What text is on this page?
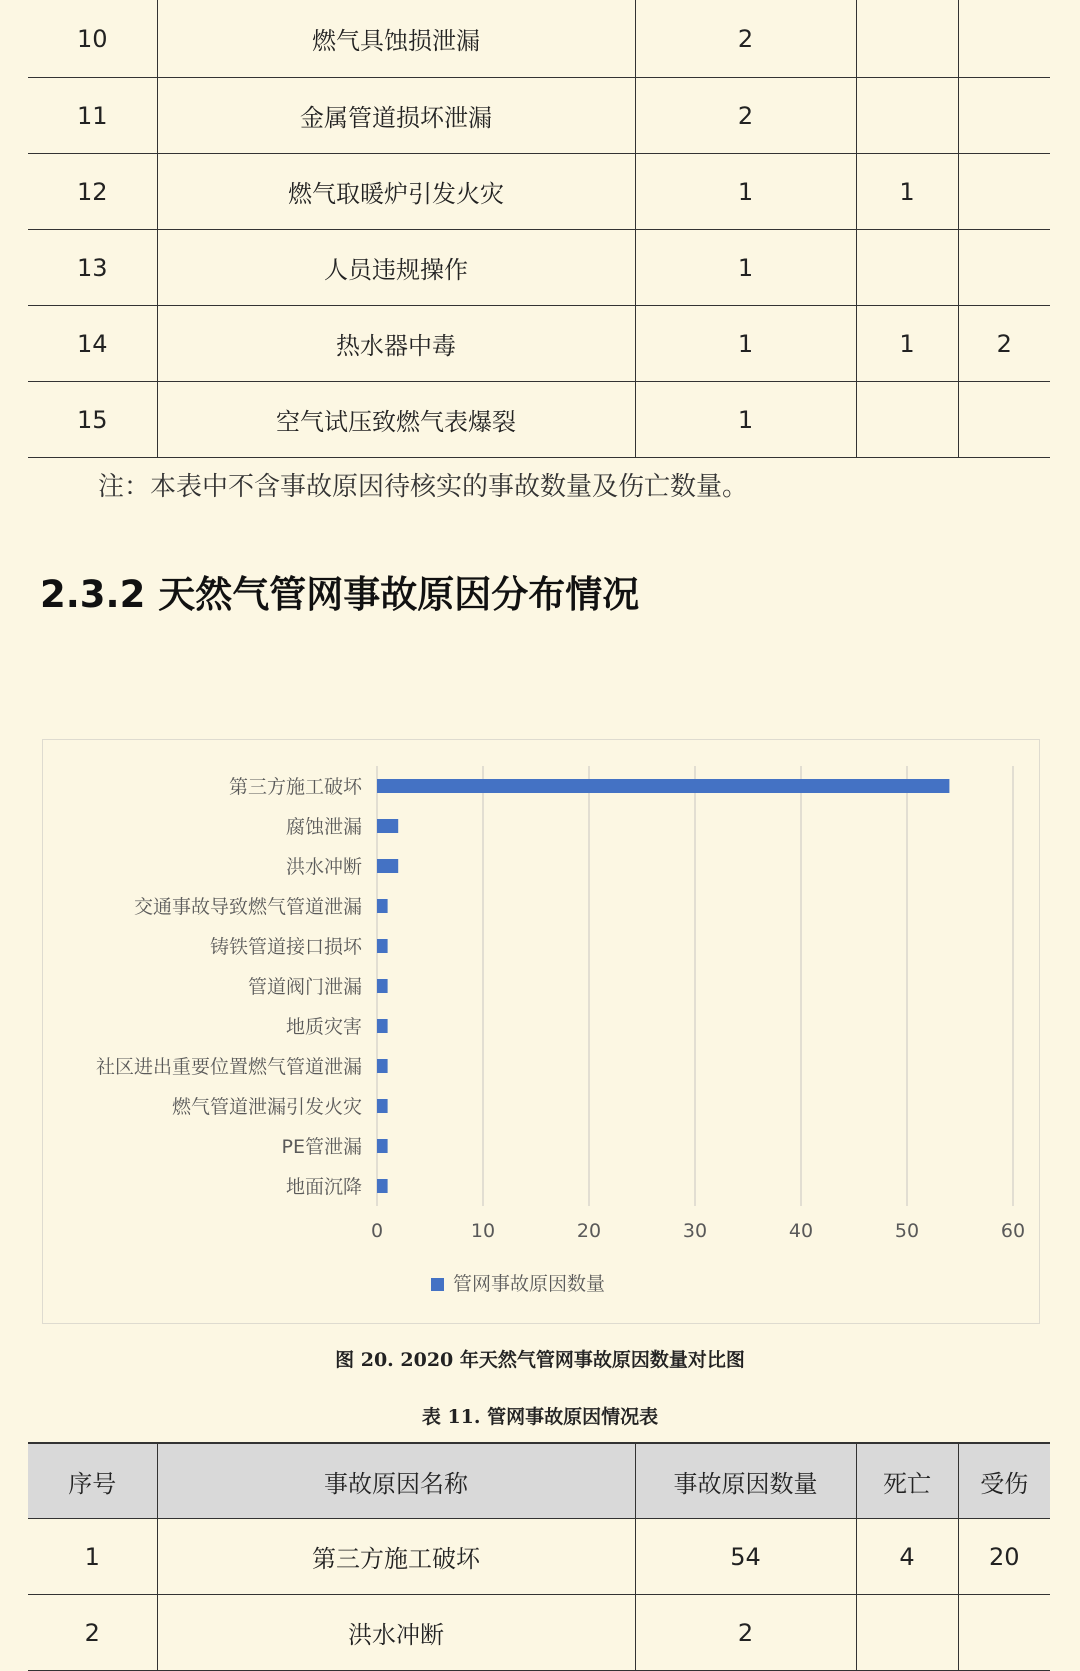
10	燃气具蚀损泄漏	2		
11	金属管道损坏泄漏	2		
12	燃气取暖炉引发火灾	1	1	
13	人员违规操作	1		
14	热水器中毒	1	1	2
15	空气试压致燃气表爆裂	1		
注：本表中不含事故原因待核实的事故数量及伤亡数量。
2.3.2 天然气管网事故原因分布情况
0	10	20	30	40	50	60
第三方施工破坏
腐蚀泄漏
洪水冲断
交通事故导致燃气管道泄漏
铸铁管道接口损坏
管道阀门泄漏
地质灾害
社区进出重要位置燃气管道泄漏
燃气管道泄漏引发火灾
PE管泄漏
地面沉降
管网事故原因数量
图 20. 2020 年天然气管网事故原因数量对比图
表 11. 管网事故原因情况表
序号	事故原因名称	事故原因数量	死亡	受伤
1	第三方施工破坏	54	4	20
2	洪水冲断	2		
